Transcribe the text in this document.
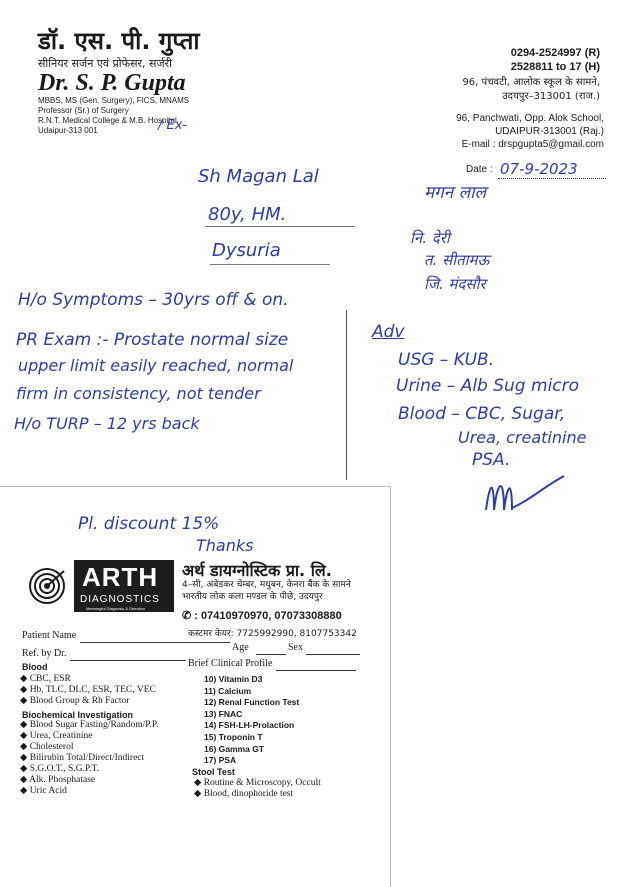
डॉ. एस. पी. गुप्ता
सीनियर सर्जन एवं प्रोफेसर, सर्जरी
Dr. S. P. Gupta
MBBS, MS (Gen. Surgery), FICS, MNAMS
Professor (Sr.) of Surgery
R.N.T. Medical College & M.B. Hospital
Udaipur-313 001	/ Ex-
0294-2524997 (R)
2528811 to 17 (H)
96, पंचवटी, आलोक स्कूल के सामने,
उदयपुर–313001 (राज.)
96, Panchwati, Opp. Alok School,
UDAIPUR-313001 (Raj.)
E-mail : drspgupta5@gmail.com
Date : 07-9-2023
Sh Magan Lal
80y, HM.
Dysuria
मगन लाल
नि. देरी
त. सीतामऊ
जि. मंदसौर
H/o Symptoms – 30yrs off & on.
PR Exam :- Prostate normal size
upper limit easily reached, normal
firm in consistency, not tender
H/o TURP – 12 yrs back
Adv
USG – KUB.
Urine – Alb Sug micro
Blood – CBC, Sugar,
Urea, creatinine
PSA.
Pl. discount 15%
Thanks
ARTH
DIAGNOSTICS
Meaningful Diagnosis & Direction
अर्थ डायग्नोस्टिक प्रा. लि.
4–सी, अंबेडकर चेम्बर, मधुबन, केनरा बैंक के सामने
भारतीय लोक कला मण्डल के पीछे, उदयपुर
✆ : 07410970970, 07073308880
कस्टमर केयर: 7725992990, 8107753342
Patient Name
Age	Sex
Ref. by Dr.
Brief Clinical Profile
Blood
◆ CBC, ESR
◆ Hb, TLC, DLC, ESR, TEC, VEC
◆ Blood Group & Rh Factor
Biochemical Investigation
◆ Blood Sugar Fasting/Random/P.P.
◆ Urea, Creatinine
◆ Cholesterol
◆ Bilirubin Total/Direct/Indirect
◆ S.G.O.T., S.G.P.T.
◆ Alk. Phosphatase
◆ Uric Acid
10) Vitamin D3
11) Calcium
12) Renal Function Test
13) FNAC
14) FSH-LH-Prolaction
15) Troponin T
16) Gamma GT
17) PSA
Stool Test
◆ Routine & Microscopy, Occult
◆ Blood, dinophoride test
